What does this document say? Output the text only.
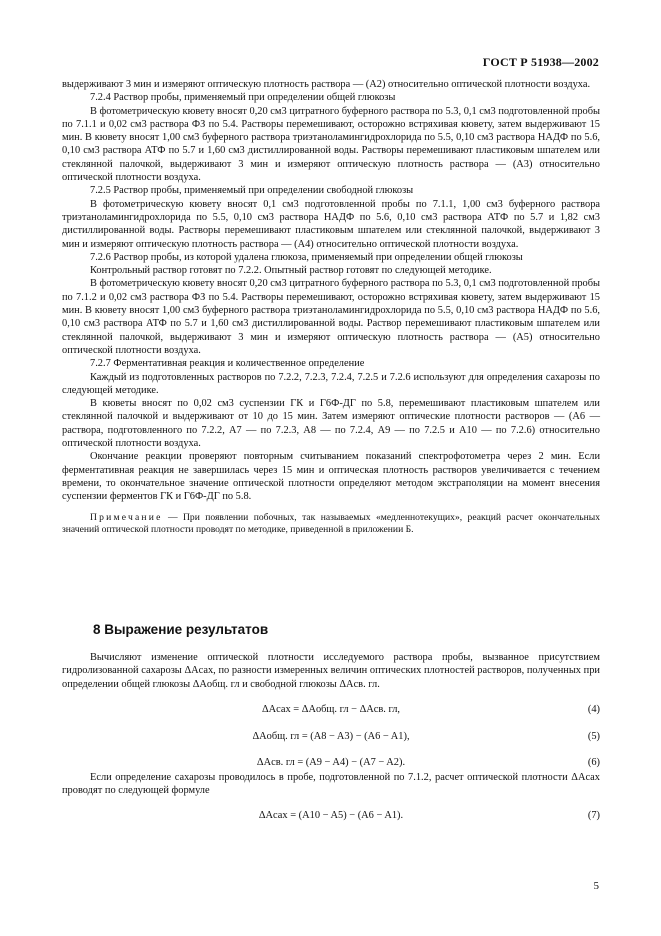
ГОСТ Р 51938—2002

выдерживают 3 мин и измеряют оптическую плотность раствора — (A2) относительно оптической плотности воздуха.

7.2.4 Раствор пробы, применяемый при определении общей глюкозы

В фотометрическую кювету вносят 0,20 см3 цитратного буферного раствора по 5.3, 0,1 см3 подготовленной пробы по 7.1.1 и 0,02 см3 раствора ФЗ по 5.4. Растворы перемешивают, осторожно встряхивая кювету, затем выдерживают 15 мин. В кювету вносят 1,00 см3 буферного раствора триэтаноламингидрохлорида по 5.5, 0,10 см3 раствора НАДФ по 5.6, 0,10 см3 раствора АТФ по 5.7 и 1,60 см3 дистиллированной воды. Растворы перемешивают пластиковым шпателем или стеклянной палочкой, выдерживают 3 мин и измеряют оптическую плотность раствора — (A3) относительно оптической плотности воздуха.

7.2.5 Раствор пробы, применяемый при определении свободной глюкозы

В фотометрическую кювету вносят 0,1 см3 подготовленной пробы по 7.1.1, 1,00 см3 буферного раствора триэтаноламингидрохлорида по 5.5, 0,10 см3 раствора НАДФ по 5.6, 0,10 см3 раствора АТФ по 5.7 и 1,82 см3 дистиллированной воды. Растворы перемешивают пластиковым шпателем или стеклянной палочкой, выдерживают 3 мин и измеряют оптическую плотность раствора — (A4) относительно оптической плотности воздуха.

7.2.6 Раствор пробы, из которой удалена глюкоза, применяемый при определении общей глюкозы

Контрольный раствор готовят по 7.2.2. Опытный раствор готовят по следующей методике.

В фотометрическую кювету вносят 0,20 см3 цитратного буферного раствора по 5.3, 0,1 см3 подготовленной пробы по 7.1.2 и 0,02 см3 раствора ФЗ по 5.4. Растворы перемешивают, осторожно встряхивая кювету, затем выдерживают 15 мин. В кювету вносят 1,00 см3 буферного раствора триэтаноламингидрохлорида по 5.5, 0,10 см3 раствора НАДФ по 5.6, 0,10 см3 раствора АТФ по 5.7 и 1,60 см3 дистиллированной воды. Раствор перемешивают пластиковым шпателем или стеклянной палочкой, выдерживают 3 мин и измеряют оптическую плотность раствора — (A5) относительно оптической плотности воздуха.

7.2.7 Ферментативная реакция и количественное определение

Каждый из подготовленных растворов по 7.2.2, 7.2.3, 7.2.4, 7.2.5 и 7.2.6 используют для определения сахарозы по следующей методике.

В кюветы вносят по 0,02 см3 суспензии ГК и Г6Ф-ДГ по 5.8, перемешивают пластиковым шпателем или стеклянной палочкой и выдерживают от 10 до 15 мин. Затем измеряют оптические плотности растворов — (A6 — раствора, подготовленного по 7.2.2, A7 — по 7.2.3, A8 — по 7.2.4, A9 — по 7.2.5 и A10 — по 7.2.6) относительно оптической плотности воздуха.

Окончание реакции проверяют повторным считыванием показаний спектрофотометра через 2 мин. Если ферментативная реакция не завершилась через 15 мин и оптическая плотность растворов увеличивается с течением времени, то окончательное значение оптической плотности определяют методом экстраполяции на момент внесения суспензии ферментов ГК и Г6Ф-ДГ по 5.8.

Примечание — При появлении побочных, так называемых «медленнотекущих», реакций расчет окончательных значений оптической плотности проводят по методике, приведенной в приложении Б.

8 Выражение результатов

Вычисляют изменение оптической плотности исследуемого раствора пробы, вызванное присутствием гидролизованной сахарозы ΔAсах, по разности измеренных величин оптических плотностей растворов, полученных при определении общей глюкозы ΔAобщ. гл и свободной глюкозы ΔAсв. гл.

ΔAсах = ΔAобщ. гл − ΔAсв. гл,	(4)
ΔAобщ. гл = (A8 − A3) − (A6 − A1),	(5)
ΔAсв. гл = (A9 − A4) − (A7 − A2).	(6)

Если определение сахарозы проводилось в пробе, подготовленной по 7.1.2, расчет оптической плотности ΔAсах проводят по следующей формуле

ΔAсах = (A10 − A5) − (A6 − A1).	(7)
5
